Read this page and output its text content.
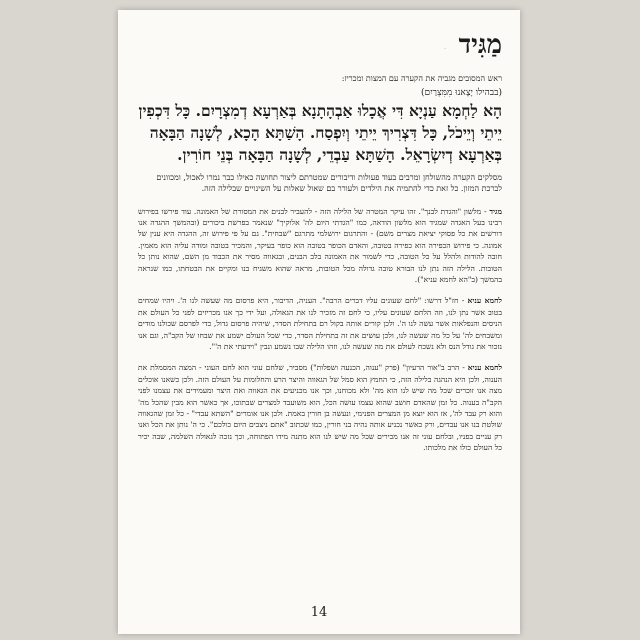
· מַגִּיד
ראש המסובים מגביה את הקערה עם המצות ומכריז:
(בבהילו יָצָאנוּ מִמִּצְרַיִם)
הָא לַחְמָא עַנְיָא דִּי אֲכָלוּ אַבְהָתָנָא בְּאַרְעָא דְמִצְרָיִם. כָּל דִּכְפִין יֵיתֵי וְיֵיכֹל, כָּל דִּצְרִיךְ יֵיתֵי וְיִפְסַח. הָשַׁתָּא הָכָא, לְשָׁנָה הַבָּאָה בְּאַרְעָא דְיִשְׂרָאֵל. הָשַׁתָּא עַבְדֵי, לְשָׁנָה הַבָּאָה בְּנֵי חוֹרִין.
מסלקים הקערה מהשולחן ומרבים בעוד פעולות ודיבורים שמטרתם ליצור תחושה כאילו כבר נמרו לאכול, ומכוונים לברכת המזון. כל זאת כדי להתמיה את הילדים ולעורר בם שאול שאלות על השינויים שבלילה הזה.

מגיד - מלשון "והגדת לבנך". זהו עיקר המטרה של הלילה הזה - להעביר לבנים את המסורת של האמונה. עוד פירשו בפירוש רבינו בעל האגדה שמגיד הוא מלשון הודאה, כמו "הגדתי היום לה' אלוקיך" שנאמר בפרשת ביכורים (ובהמשך ההגדה אנו דורשים את כל פסוקי יציאת מצרים משם) - והתרגום ירושלמי מתרגם "שבחית". גם על פי פירוש זה, ההגדה היא ענין של אמונה. כי פירוש הכפירה הוא כפירה בטובה, והאדם הכופר בטובה הוא כופר בעיקר, והמכיר בטובה ומודה עליה הוא מאמין. חובה להודות ולהלל על כל הטובה, כדי לשמור את האמונה בלב הבנים, ובגאווה מסיר את הכבוד מן השם, שהוא נותן כל הטובות. הלילה הזה נתן לנו הבורא טובה גדולה מכל הטובות, מראה שהוא משגיח בנו ומקיים את הבטחתו, כמו שנראה בהמשך (ב"הא לחמא עניא").

לחמא עניא - חז"ל דרשו: "לחם שעונים עליו דברים הרבה". העניה, הדיבור, היא פרסום מה שעשה לנו ה'. ויהיו שמחים בטוב אשר נתן לנו, וזה הלחם שעונים עליו, כי לחם זה מזכיר לנו את הגאולה, ועל ידי כך אנו מכריזים לפני כל העולם את הניסים והנפלאות אשר עשה לנו ה'. ולכן קורים אותה בקול רם בתחילת הסדר, שיהיה פרסום גדול, כדי לפרסם שכולנו מודים ומשבחים לה' על כל מה שעשה לנו, ולכן עושים את זה בתחילת הסדר, כדי שכל העולם ישמע את שבחו של הקב"ה, וגם אנו נזכור את גודל הנס ולא נשכח לעולם את מה שעשה לנו, וזהו הלילה שבו נשמע ונבין "וידעתי את ה'".

לחמא עניא - הרב ב"אור הרעיון" (פרק "ענוה, הכנעה ושפלות") מסביר, שלחם עוני הוא לחם העוני - המצה המסמלת את הענוה, ולכן היא הנהגה בלילה הזה, כי החמץ הוא סמל של הגאווה והיצר הרע והחלומות על העולם הזה. ולכן כשאנו אוכלים מצה אנו זוכרים שכל מה שיש לנו הוא מה' ולא מכוחנו, וכך אנו מכניעים את הגאווה ואת היצר ומעמידים את עצמנו לפני הקב"ה בענוה. כל זמן שהאדם חושב שהוא עצמו עושה הכל, הוא משועבד למצרים שבתוכו, אך כאשר הוא מבין שהכל מה' והוא רק עבד לה', אז הוא יוצא מן המצרים הפנימי, ונעשה בן חורין באמת. ולכן אנו אומרים "השתא עבדי" - כל זמן שהגאווה שולטת בנו אנו עבדים, ורק כאשר נכניע אותה נהיה בני חורין, כמו שכתוב "אתם ניצבים היום כולכם". כי ה' נותן את הכל ואנו רק עניים בפניו, ובלחם עוני זה אנו מכירים שכל מה שיש לנו הוא מתנה מידו הפתוחה, וכך נזכה לגאולה השלמה, שבה יכיר כל העולם כולו את מלכותו.

14
